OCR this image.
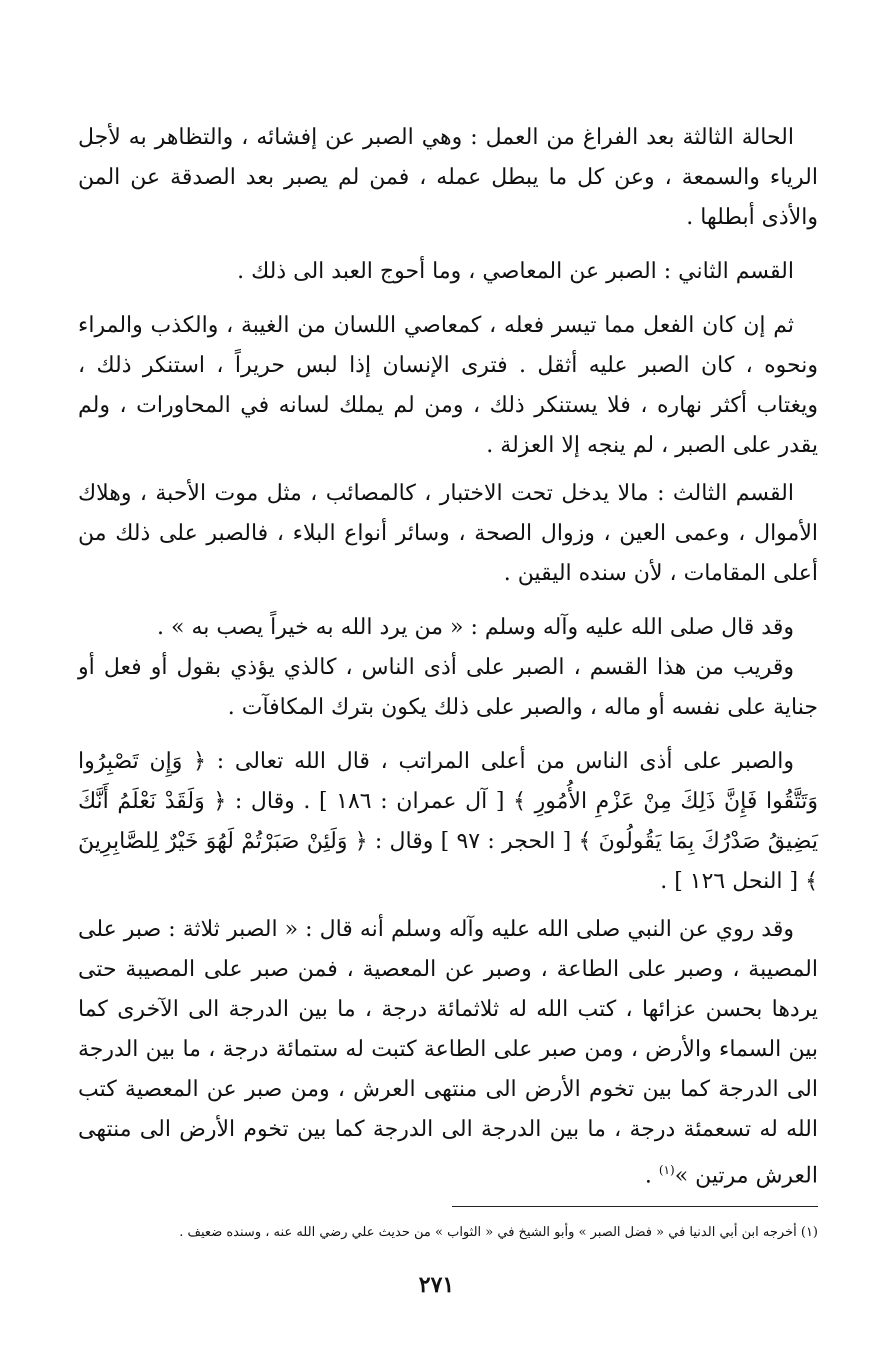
الحالة الثالثة بعد الفراغ من العمل : وهي الصبر عن إفشائه ، والتظاهر به لأجل الرياء والسمعة ، وعن كل ما يبطل عمله ، فمن لم يصبر بعد الصدقة عن المن والأذى أبطلها .

القسم الثاني : الصبر عن المعاصي ، وما أحوج العبد الى ذلك .

ثم إن كان الفعل مما تيسر فعله ، كمعاصي اللسان من الغيبة ، والكذب والمراء ونحوه ، كان الصبر عليه أثقل . فترى الإنسان إذا لبس حريراً ، استنكر ذلك ، ويغتاب أكثر نهاره ، فلا يستنكر ذلك ، ومن لم يملك لسانه في المحاورات ، ولم يقدر على الصبر ، لم ينجه إلا العزلة .

القسم الثالث : مالا يدخل تحت الاختبار ، كالمصائب ، مثل موت الأحبة ، وهلاك الأموال ، وعمى العين ، وزوال الصحة ، وسائر أنواع البلاء ، فالصبر على ذلك من أعلى المقامات ، لأن سنده اليقين .

وقد قال صلى الله عليه وآله وسلم : « من يرد الله به خيراً يصب به » .

وقريب من هذا القسم ، الصبر على أذى الناس ، كالذي يؤذي بقول أو فعل أو جناية على نفسه أو ماله ، والصبر على ذلك يكون بترك المكافآت .

والصبر على أذى الناس من أعلى المراتب ، قال الله تعالى : ﴿ وَإِن تَصْبِرُوا وَتَتَّقُوا فَإِنَّ ذَلِكَ مِنْ عَزْمِ الأُمُورِ ﴾ [ آل عمران : ١٨٦ ] . وقال : ﴿ وَلَقَدْ نَعْلَمُ أَنَّكَ يَضِيقُ صَدْرُكَ بِمَا يَقُولُونَ ﴾ [ الحجر : ٩٧ ] وقال : ﴿ وَلَئِنْ صَبَرْتُمْ لَهُوَ خَيْرٌ لِلصَّابِرِينَ ﴾ [ النحل ١٢٦ ] .

وقد روي عن النبي صلى الله عليه وآله وسلم أنه قال : « الصبر ثلاثة : صبر على المصيبة ، وصبر على الطاعة ، وصبر عن المعصية ، فمن صبر على المصيبة حتى يردها بحسن عزائها ، كتب الله له ثلاثمائة درجة ، ما بين الدرجة الى الآخرى كما بين السماء والأرض ، ومن صبر على الطاعة كتبت له ستمائة درجة ، ما بين الدرجة الى الدرجة كما بين تخوم الأرض الى منتهى العرش ، ومن صبر عن المعصية كتب الله له تسعمئة درجة ، ما بين الدرجة الى الدرجة كما بين تخوم الأرض الى منتهى العرش مرتين »$^{(١)}$ .

(١) أخرجه ابن أبي الدنيا في « فضل الصبر » وأبو الشيخ في « الثواب » من حديث علي رضي الله عنه ، وسنده ضعيف .
٢٧١
